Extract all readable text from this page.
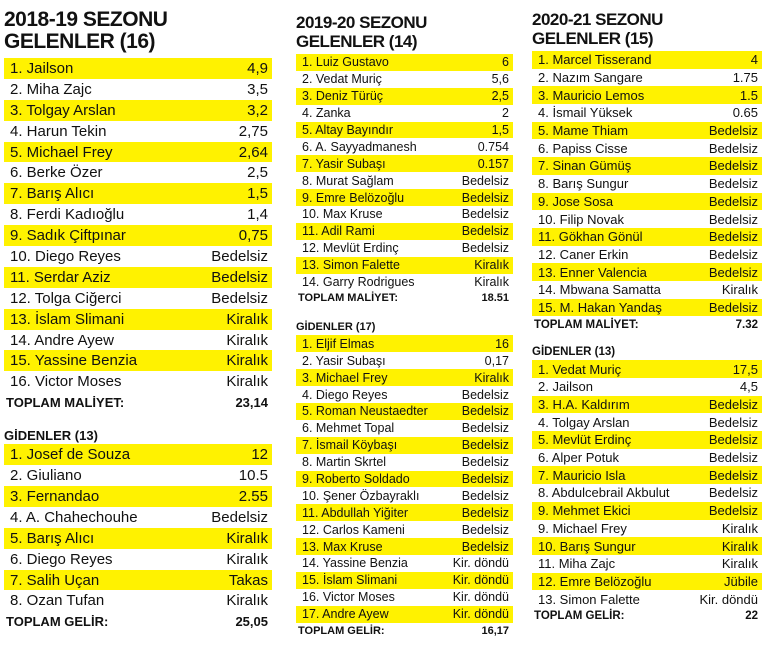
2018-19 SEZONU
GELENLER (16)
1. Jailson	4,9
2. Miha Zajc	3,5
3. Tolgay Arslan	3,2
4. Harun Tekin	2,75
5. Michael Frey	2,64
6. Berke Özer	2,5
7. Barış Alıcı	1,5
8. Ferdi Kadıoğlu	1,4
9. Sadık Çiftpınar	0,75
10. Diego Reyes	Bedelsiz
11. Serdar Aziz	Bedelsiz
12. Tolga Ciğerci	Bedelsiz
13. İslam Slimani	Kiralık
14. Andre Ayew	Kiralık
15. Yassine Benzia	Kiralık
16. Victor Moses	Kiralık
TOPLAM MALİYET:	23,14
GİDENLER (13)
1. Josef de Souza	12
2. Giuliano	10.5
3. Fernandao	2.55
4. A. Chahechouhe	Bedelsiz
5. Barış Alıcı	Kiralık
6. Diego Reyes	Kiralık
7. Salih Uçan	Takas
8. Ozan Tufan	Kiralık
TOPLAM GELİR:	25,05
2019-20 SEZONU
GELENLER (14)
1. Luiz Gustavo	6
2. Vedat Muriç	5,6
3. Deniz Türüç	2,5
4. Zanka	2
5. Altay Bayındır	1,5
6. A. Sayyadmanesh	0.754
7. Yasir Subaşı	0.157
8. Murat Sağlam	Bedelsiz
9. Emre Belözoğlu	Bedelsiz
10. Max Kruse	Bedelsiz
11. Adil Rami	Bedelsiz
12. Mevlüt Erdinç	Bedelsiz
13. Simon Falette	Kiralık
14. Garry Rodrigues	Kiralık
TOPLAM MALİYET:	18.51
GİDENLER (17)
1. Eljif Elmas	16
2. Yasir Subaşı	0,17
3. Michael Frey	Kiralık
4. Diego Reyes	Bedelsiz
5. Roman Neustaedter	Bedelsiz
6. Mehmet Topal	Bedelsiz
7. İsmail Köybaşı	Bedelsiz
8. Martin Skrtel	Bedelsiz
9. Roberto Soldado	Bedelsiz
10. Şener Özbayraklı	Bedelsiz
11. Abdullah Yiğiter	Bedelsiz
12. Carlos Kameni	Bedelsiz
13. Max Kruse	Bedelsiz
14. Yassine Benzia	Kir. döndü
15. İslam Slimani	Kir. döndü
16. Victor Moses	Kir. döndü
17. Andre Ayew	Kir. döndü
TOPLAM GELİR:	16,17
2020-21 SEZONU
GELENLER (15)
1. Marcel Tisserand	4
2. Nazım Sangare	1.75
3. Mauricio Lemos	1.5
4. İsmail Yüksek	0.65
5. Mame Thiam	Bedelsiz
6. Papiss Cisse	Bedelsiz
7. Sinan Gümüş	Bedelsiz
8. Barış Sungur	Bedelsiz
9. Jose Sosa	Bedelsiz
10. Filip Novak	Bedelsiz
11. Gökhan Gönül	Bedelsiz
12. Caner Erkin	Bedelsiz
13. Enner Valencia	Bedelsiz
14. Mbwana Samatta	Kiralık
15. M. Hakan Yandaş	Bedelsiz
TOPLAM MALİYET:	7.32
GİDENLER (13)
1. Vedat Muriç	17,5
2. Jailson	4,5
3. H.A. Kaldırım	Bedelsiz
4. Tolgay Arslan	Bedelsiz
5. Mevlüt Erdinç	Bedelsiz
6. Alper Potuk	Bedelsiz
7. Mauricio Isla	Bedelsiz
8. Abdulcebrail Akbulut	Bedelsiz
9. Mehmet Ekici	Bedelsiz
9. Michael Frey	Kiralık
10. Barış Sungur	Kiralık
11. Miha Zajc	Kiralık
12. Emre Belözoğlu	Jübile
13. Simon Falette	Kir. döndü
TOPLAM GELİR:	22
